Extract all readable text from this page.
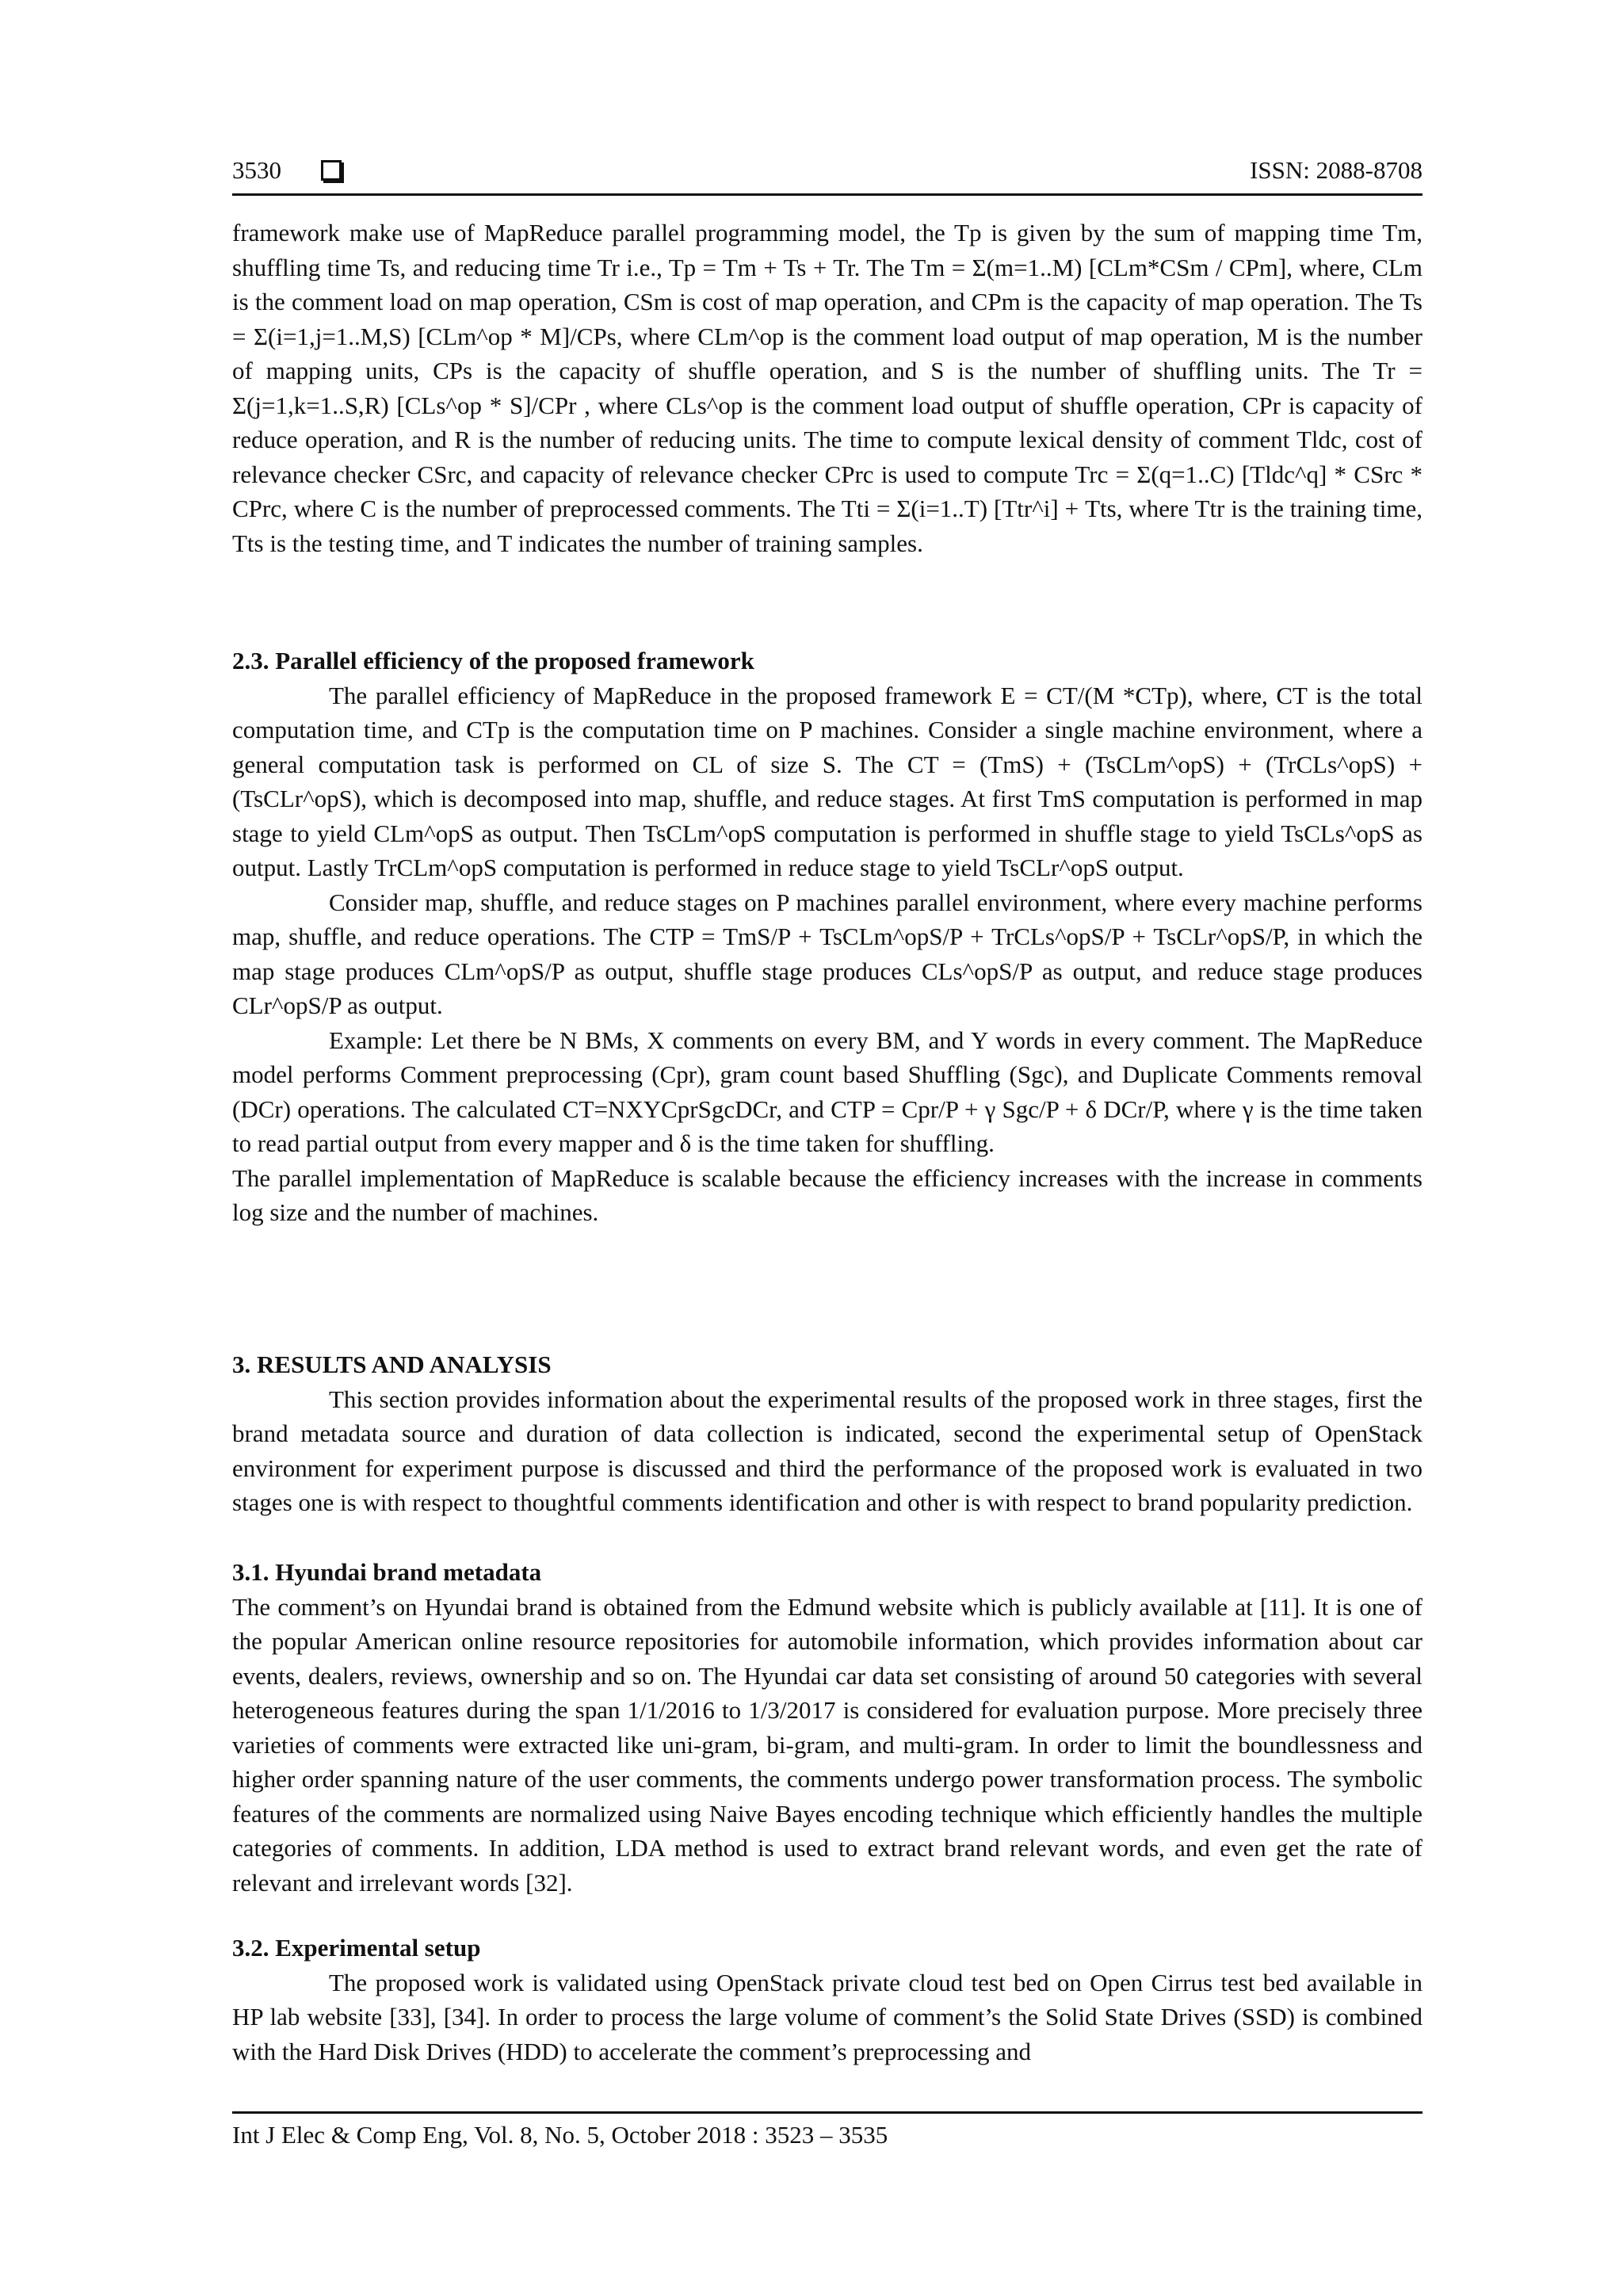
3530	ISSN: 2088-8708

framework make use of MapReduce parallel programming model, the Tp is given by the sum of mapping time Tm, shuffling time Ts, and reducing time Tr i.e., Tp = Tm + Ts + Tr. The Tm = Σ(m=1..M) [CLm*CSm / CPm], where, CLm is the comment load on map operation, CSm is cost of map operation, and CPm is the capacity of map operation. The Ts = Σ(i=1,j=1..M,S) [CLm^op * M]/CPs, where CLm^op is the comment load output of map operation, M is the number of mapping units, CPs is the capacity of shuffle operation, and S is the number of shuffling units. The Tr = Σ(j=1,k=1..S,R) [CLs^op * S]/CPr , where CLs^op is the comment load output of shuffle operation, CPr is capacity of reduce operation, and R is the number of reducing units. The time to compute lexical density of comment Tldc, cost of relevance checker CSrc, and capacity of relevance checker CPrc is used to compute Trc = Σ(q=1..C) [Tldc^q] * CSrc * CPrc, where C is the number of preprocessed comments. The Tti = Σ(i=1..T) [Ttr^i] + Tts, where Ttr is the training time, Tts is the testing time, and T indicates the number of training samples.

2.3. Parallel efficiency of the proposed framework

The parallel efficiency of MapReduce in the proposed framework E = CT/(M *CTp), where, CT is the total computation time, and CTp is the computation time on P machines. Consider a single machine environment, where a general computation task is performed on CL of size S. The CT = (TmS) + (TsCLm^opS) + (TrCLs^opS) + (TsCLr^opS), which is decomposed into map, shuffle, and reduce stages. At first TmS computation is performed in map stage to yield CLm^opS as output. Then TsCLm^opS computation is performed in shuffle stage to yield TsCLs^opS as output. Lastly TrCLm^opS computation is performed in reduce stage to yield TsCLr^opS output.

Consider map, shuffle, and reduce stages on P machines parallel environment, where every machine performs map, shuffle, and reduce operations. The CTP = TmS/P + TsCLm^opS/P + TrCLs^opS/P + TsCLr^opS/P, in which the map stage produces CLm^opS/P as output, shuffle stage produces CLs^opS/P as output, and reduce stage produces CLr^opS/P as output.

Example: Let there be N BMs, X comments on every BM, and Y words in every comment. The MapReduce model performs Comment preprocessing (Cpr), gram count based Shuffling (Sgc), and Duplicate Comments removal (DCr) operations. The calculated CT=NXYCprSgcDCr, and CTP = Cpr/P + γ Sgc/P + δ DCr/P, where γ is the time taken to read partial output from every mapper and δ is the time taken for shuffling.

The parallel implementation of MapReduce is scalable because the efficiency increases with the increase in comments log size and the number of machines.

3. RESULTS AND ANALYSIS

This section provides information about the experimental results of the proposed work in three stages, first the brand metadata source and duration of data collection is indicated, second the experimental setup of OpenStack environment for experiment purpose is discussed and third the performance of the proposed work is evaluated in two stages one is with respect to thoughtful comments identification and other is with respect to brand popularity prediction.

3.1. Hyundai brand metadata

The comment’s on Hyundai brand is obtained from the Edmund website which is publicly available at [11]. It is one of the popular American online resource repositories for automobile information, which provides information about car events, dealers, reviews, ownership and so on. The Hyundai car data set consisting of around 50 categories with several heterogeneous features during the span 1/1/2016 to 1/3/2017 is considered for evaluation purpose. More precisely three varieties of comments were extracted like uni-gram, bi-gram, and multi-gram. In order to limit the boundlessness and higher order spanning nature of the user comments, the comments undergo power transformation process. The symbolic features of the comments are normalized using Naive Bayes encoding technique which efficiently handles the multiple categories of comments. In addition, LDA method is used to extract brand relevant words, and even get the rate of relevant and irrelevant words [32].

3.2. Experimental setup

The proposed work is validated using OpenStack private cloud test bed on Open Cirrus test bed available in HP lab website [33], [34]. In order to process the large volume of comment’s the Solid State Drives (SSD) is combined with the Hard Disk Drives (HDD) to accelerate the comment’s preprocessing and

Int J Elec & Comp Eng, Vol. 8, No. 5, October 2018 : 3523 – 3535
